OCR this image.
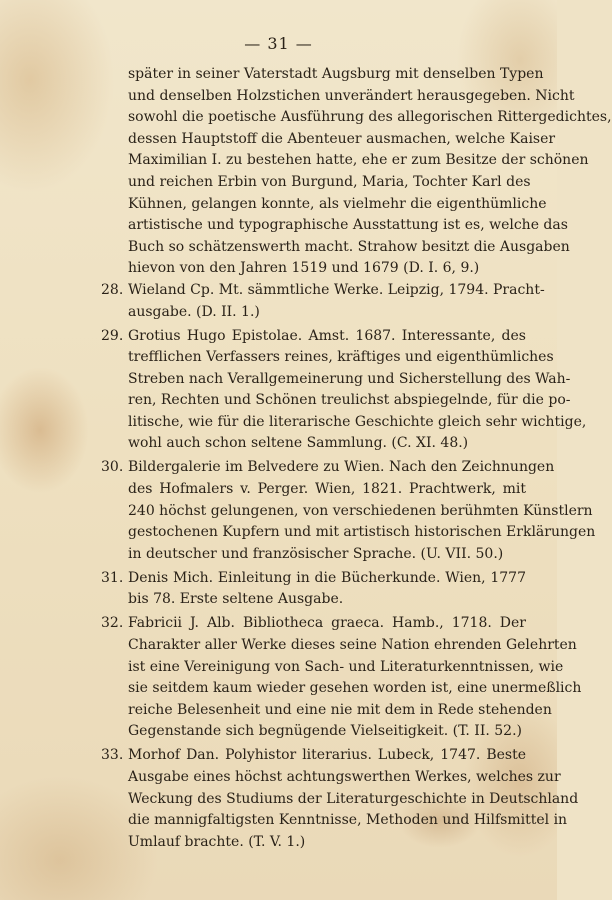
— 31 —
später in seiner Vaterstadt Augsburg mit denselben Typen
und denselben Holzstichen unverändert herausgegeben. Nicht
sowohl die poetische Ausführung des allegorischen Rittergedichtes,
dessen Hauptstoff die Abenteuer ausmachen, welche Kaiser
Maximilian I. zu bestehen hatte, ehe er zum Besitze der schönen
und reichen Erbin von Burgund, Maria, Tochter Karl des
Kühnen, gelangen konnte, als vielmehr die eigenthümliche
artistische und typographische Ausstattung ist es, welche das
Buch so schätzenswerth macht. Strahow besitzt die Ausgaben
hievon von den Jahren 1519 und 1679 (D. I. 6, 9.)
28. Wieland Cp. Mt. sämmtliche Werke. Leipzig, 1794. Pracht-
ausgabe. (D. II. 1.)
29. Grotius Hugo Epistolae. Amst. 1687. Interessante, des
trefflichen Verfassers reines, kräftiges und eigenthümliches
Streben nach Verallgemeinerung und Sicherstellung des Wah-
ren, Rechten und Schönen treulichst abspiegelnde, für die po-
litische, wie für die literarische Geschichte gleich sehr wichtige,
wohl auch schon seltene Sammlung. (C. XI. 48.)
30. Bildergalerie im Belvedere zu Wien. Nach den Zeichnungen
des Hofmalers v. Perger. Wien, 1821. Prachtwerk, mit
240 höchst gelungenen, von verschiedenen berühmten Künstlern
gestochenen Kupfern und mit artistisch historischen Erklärungen
in deutscher und französischer Sprache. (U. VII. 50.)
31. Denis Mich. Einleitung in die Bücherkunde. Wien, 1777
bis 78. Erste seltene Ausgabe.
32. Fabricii J. Alb. Bibliotheca graeca. Hamb., 1718. Der
Charakter aller Werke dieses seine Nation ehrenden Gelehrten
ist eine Vereinigung von Sach- und Literaturkenntnissen, wie
sie seitdem kaum wieder gesehen worden ist, eine unermeßlich
reiche Belesenheit und eine nie mit dem in Rede stehenden
Gegenstande sich begnügende Vielseitigkeit. (T. II. 52.)
33. Morhof Dan. Polyhistor literarius. Lubeck, 1747. Beste
Ausgabe eines höchst achtungswerthen Werkes, welches zur
Weckung des Studiums der Literaturgeschichte in Deutschland
die mannigfaltigsten Kenntnisse, Methoden und Hilfsmittel in
Umlauf brachte. (T. V. 1.)
